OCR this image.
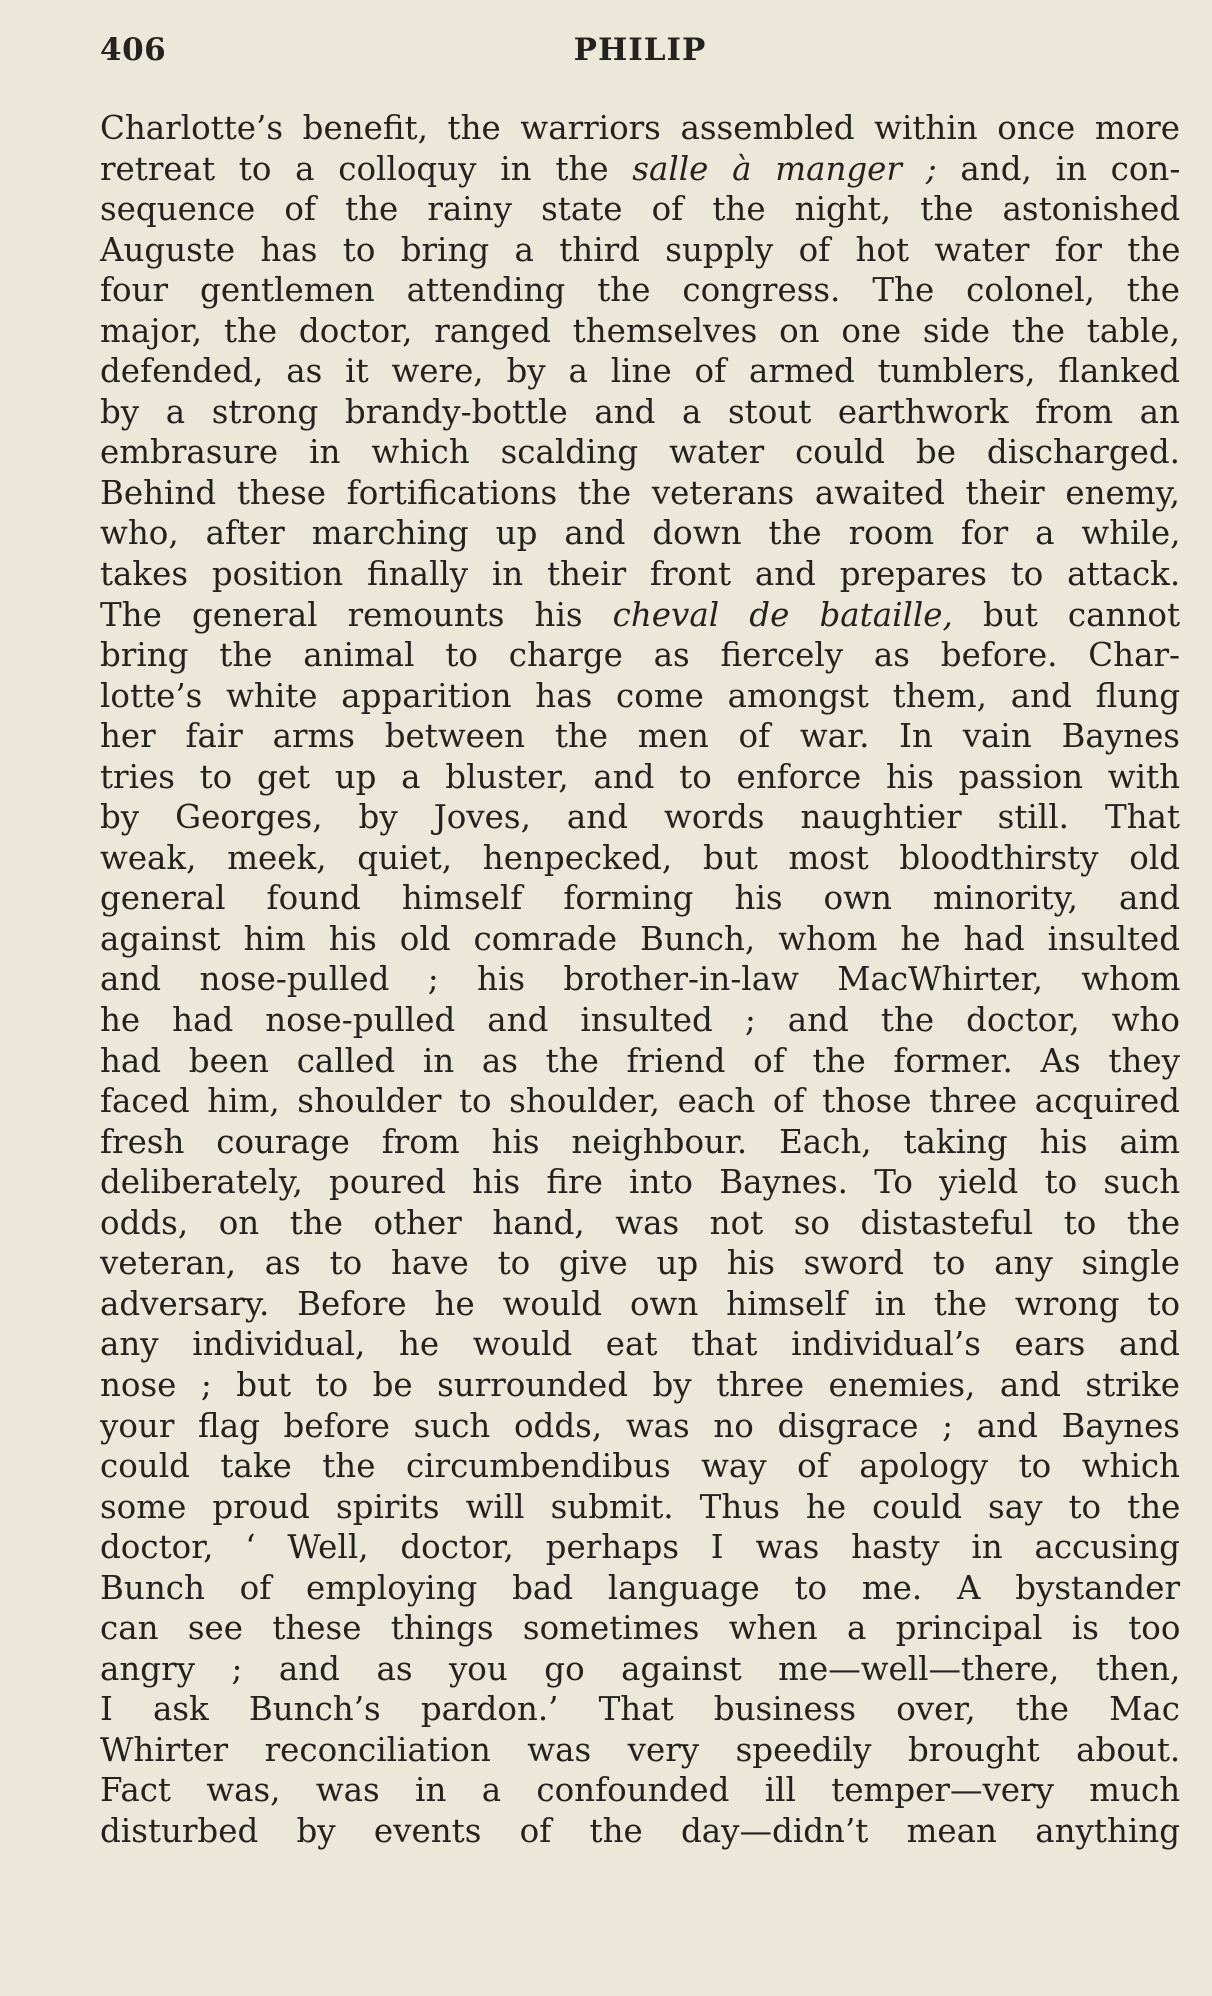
406	PHILIP
Charlotte’s benefit, the warriors assembled within once more
retreat to a colloquy in the salle à manger ; and, in con-
sequence of the rainy state of the night, the astonished
Auguste has to bring a third supply of hot water for the
four gentlemen attending the congress. The colonel, the
major, the doctor, ranged themselves on one side the table,
defended, as it were, by a line of armed tumblers, flanked
by a strong brandy-bottle and a stout earthwork from an
embrasure in which scalding water could be discharged.
Behind these fortifications the veterans awaited their enemy,
who, after marching up and down the room for a while,
takes position finally in their front and prepares to attack.
The general remounts his cheval de bataille, but cannot
bring the animal to charge as fiercely as before. Char-
lotte’s white apparition has come amongst them, and flung
her fair arms between the men of war. In vain Baynes
tries to get up a bluster, and to enforce his passion with
by Georges, by Joves, and words naughtier still. That
weak, meek, quiet, henpecked, but most bloodthirsty old
general found himself forming his own minority, and
against him his old comrade Bunch, whom he had insulted
and nose-pulled ; his brother-in-law MacWhirter, whom
he had nose-pulled and insulted ; and the doctor, who
had been called in as the friend of the former. As they
faced him, shoulder to shoulder, each of those three acquired
fresh courage from his neighbour. Each, taking his aim
deliberately, poured his fire into Baynes. To yield to such
odds, on the other hand, was not so distasteful to the
veteran, as to have to give up his sword to any single
adversary. Before he would own himself in the wrong to
any individual, he would eat that individual’s ears and
nose ; but to be surrounded by three enemies, and strike
your flag before such odds, was no disgrace ; and Baynes
could take the circumbendibus way of apology to which
some proud spirits will submit. Thus he could say to the
doctor, ‘ Well, doctor, perhaps I was hasty in accusing
Bunch of employing bad language to me. A bystander
can see these things sometimes when a principal is too
angry ; and as you go against me—well—there, then,
I ask Bunch’s pardon.’ That business over, the Mac
Whirter reconciliation was very speedily brought about.
Fact was, was in a confounded ill temper—very much
disturbed by events of the day—didn’t mean anything
